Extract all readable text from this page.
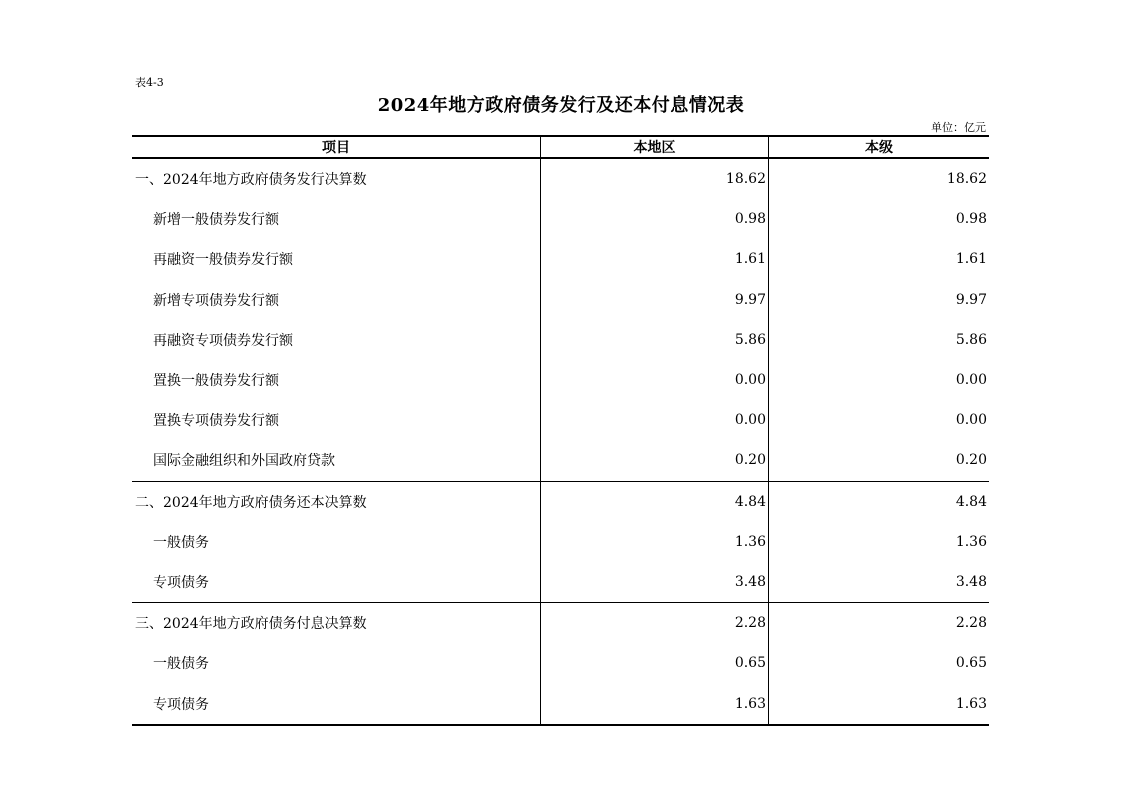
表4-3
2024年地方政府债务发行及还本付息情况表
单位：亿元
项目	本地区	本级
一、2024年地方政府债务发行决算数	18.62	18.62
新增一般债券发行额	0.98	0.98
再融资一般债券发行额	1.61	1.61
新增专项债券发行额	9.97	9.97
再融资专项债券发行额	5.86	5.86
置换一般债券发行额	0.00	0.00
置换专项债券发行额	0.00	0.00
国际金融组织和外国政府贷款	0.20	0.20
二、2024年地方政府债务还本决算数	4.84	4.84
一般债务	1.36	1.36
专项债务	3.48	3.48
三、2024年地方政府债务付息决算数	2.28	2.28
一般债务	0.65	0.65
专项债务	1.63	1.63
